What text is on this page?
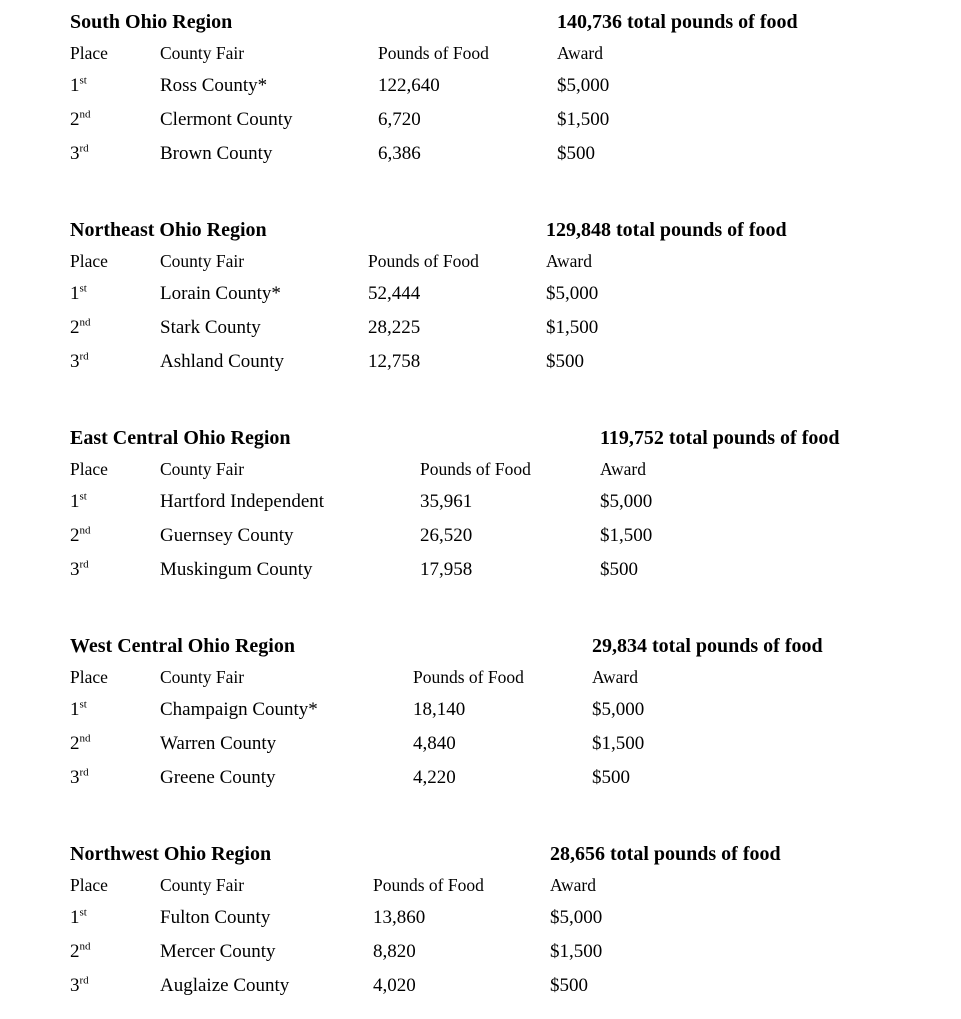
South Ohio Region	140,736 total pounds of food
Place	County Fair	Pounds of Food	Award
1st	Ross County*	122,640	$5,000
2nd	Clermont County	6,720	$1,500
3rd	Brown County	6,386	$500
Northeast Ohio Region	129,848 total pounds of food
Place	County Fair	Pounds of Food	Award
1st	Lorain County*	52,444	$5,000
2nd	Stark County	28,225	$1,500
3rd	Ashland County	12,758	$500
East Central Ohio Region	119,752 total pounds of food
Place	County Fair	Pounds of Food	Award
1st	Hartford Independent	35,961	$5,000
2nd	Guernsey County	26,520	$1,500
3rd	Muskingum County	17,958	$500
West Central Ohio Region	29,834 total pounds of food
Place	County Fair	Pounds of Food	Award
1st	Champaign County*	18,140	$5,000
2nd	Warren County	4,840	$1,500
3rd	Greene County	4,220	$500
Northwest Ohio Region	28,656 total pounds of food
Place	County Fair	Pounds of Food	Award
1st	Fulton County	13,860	$5,000
2nd	Mercer County	8,820	$1,500
3rd	Auglaize County	4,020	$500
